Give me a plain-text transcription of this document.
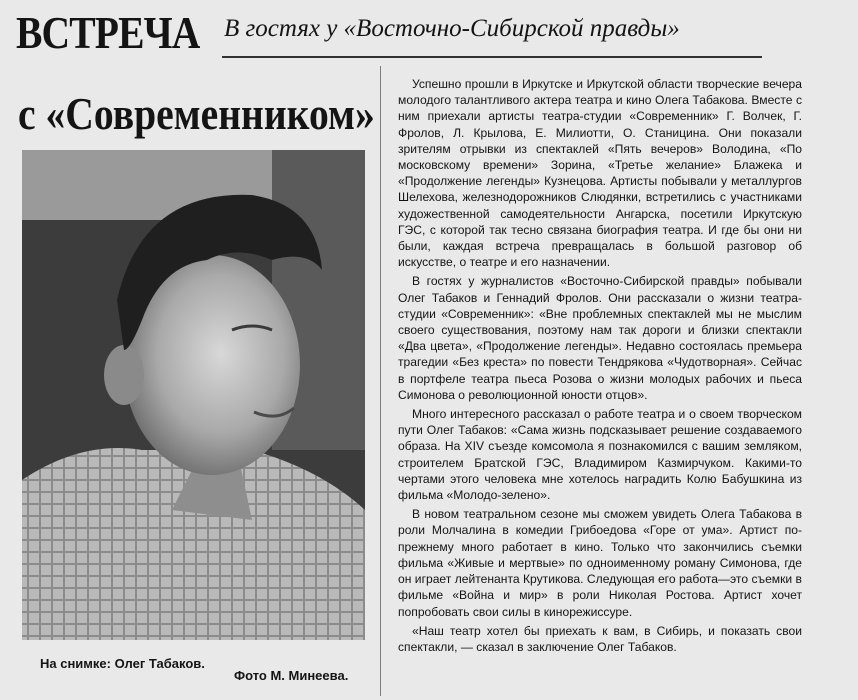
ВСТРЕЧА В гостях у «Восточно-Сибирской правды»
с «Современником»
На снимке: Олег Табаков.
Фото М. Минеева.

Успешно прошли в Иркутске и Иркутской области творческие вечера молодого талантливого актера театра и кино Олега Табакова. Вместе с ним приехали артисты театра-студии «Современник» Г. Волчек, Г. Фролов, Л. Крылова, Е. Милиотти, О. Станицина. Они показали зрителям отрывки из спектаклей «Пять вечеров» Володина, «По московскому времени» Зорина, «Третье желание» Блажека и «Продолжение легенды» Кузнецова. Артисты побывали у металлургов Шелехова, железнодорожников Слюдянки, встретились с участниками художественной самодеятельности Ангарска, посетили Иркутскую ГЭС, с которой так тесно связана биография театра. И где бы они ни были, каждая встреча превращалась в большой разговор об искусстве, о театре и его назначении.

В гостях у журналистов «Восточно-Сибирской правды» побывали Олег Табаков и Геннадий Фролов. Они рассказали о жизни театра-студии «Современник»: «Вне проблемных спектаклей мы не мыслим своего существования, поэтому нам так дороги и близки спектакли «Два цвета», «Продолжение легенды». Недавно состоялась премьера трагедии «Без креста» по повести Тендрякова «Чудотворная». Сейчас в портфеле театра пьеса Розова о жизни молодых рабочих и пьеса Симонова о революционной юности отцов».

Много интересного рассказал о работе театра и о своем творческом пути Олег Табаков: «Сама жизнь подсказывает решение создаваемого образа. На XIV съезде комсомола я познакомился с вашим земляком, строителем Братской ГЭС, Владимиром Казмирчуком. Какими-то чертами этого человека мне хотелось наградить Колю Бабушкина из фильма «Молодо-зелено».

В новом театральном сезоне мы сможем увидеть Олега Табакова в роли Молчалина в комедии Грибоедова «Горе от ума». Артист по-прежнему много работает в кино. Только что закончились съемки фильма «Живые и мертвые» по одноименному роману Симонова, где он играет лейтенанта Крутикова. Следующая его работа—это съемки в фильме «Война и мир» в роли Николая Ростова. Артист хочет попробовать свои силы в кинорежиссуре.

«Наш театр хотел бы приехать к вам, в Сибирь, и показать свои спектакли, — сказал в заключение Олег Табаков.
